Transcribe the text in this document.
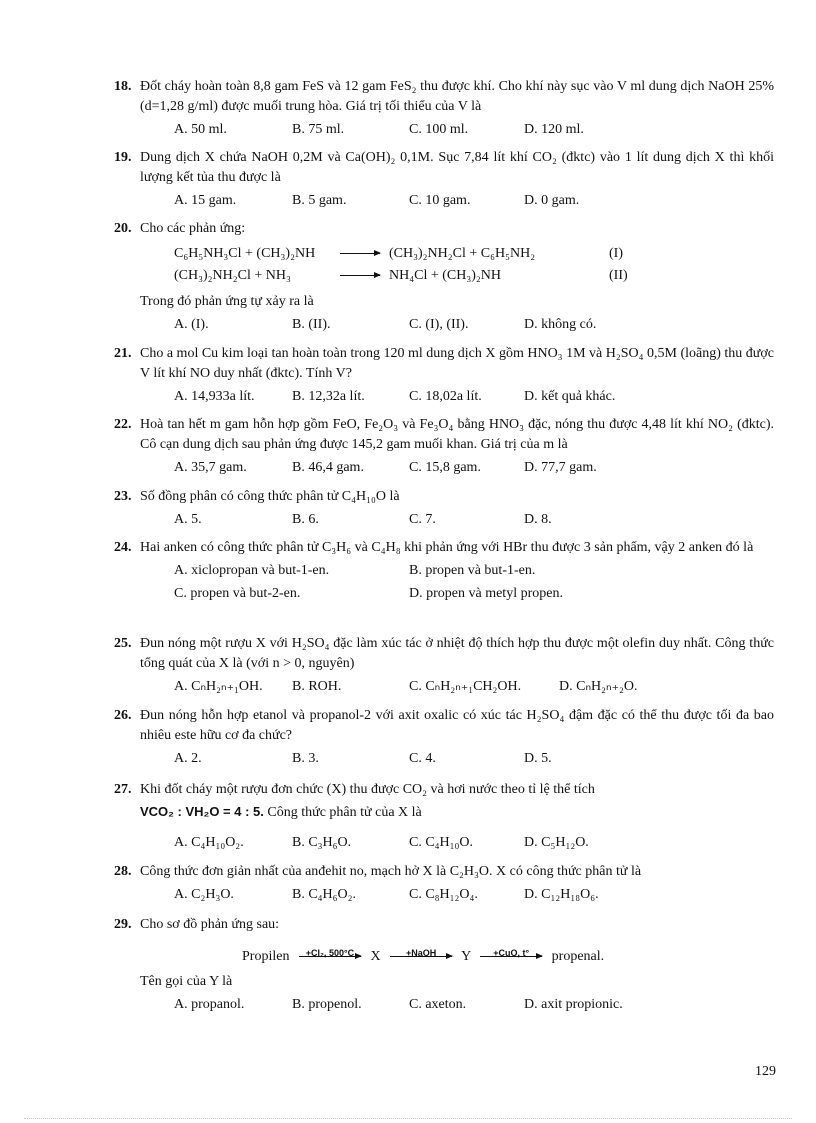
18. Đốt cháy hoàn toàn 8,8 gam FeS và 12 gam FeS₂ thu được khí. Cho khí này sục vào V ml dung dịch NaOH 25% (d=1,28 g/ml) được muối trung hòa. Giá trị tối thiểu của V là
A. 50 ml.	B. 75 ml.	C. 100 ml.	D. 120 ml.
19. Dung dịch X chứa NaOH 0,2M và Ca(OH)₂ 0,1M. Sục 7,84 lít khí CO₂ (đktc) vào 1 lít dung dịch X thì khối lượng kết tủa thu được là
A. 15 gam.	B. 5 gam.	C. 10 gam.	D. 0 gam.
20. Cho các phản ứng:
C₆H₅NH₃Cl + (CH₃)₂NH → (CH₃)₂NH₂Cl + C₆H₅NH₂	(I)
(CH₃)₂NH₂Cl + NH₃	→ NH₄Cl + (CH₃)₂NH	(II)
Trong đó phản ứng tự xảy ra là
A. (I).	B. (II).	C. (I), (II).	D. không có.
21. Cho a mol Cu kim loại tan hoàn toàn trong 120 ml dung dịch X gồm HNO₃ 1M và H₂SO₄ 0,5M (loãng) thu được V lít khí NO duy nhất (đktc). Tính V?
A. 14,933a lít.	B. 12,32a lít.	C. 18,02a lít.	D. kết quả khác.
22. Hoà tan hết m gam hỗn hợp gồm FeO, Fe₂O₃ và Fe₃O₄ bằng HNO₃ đặc, nóng thu được 4,48 lít khí NO₂ (đktc). Cô cạn dung dịch sau phản ứng được 145,2 gam muối khan. Giá trị của m là
A. 35,7 gam.	B. 46,4 gam.	C. 15,8 gam.	D. 77,7 gam.
23. Số đồng phân có công thức phân tử C₄H₁₀O là
A. 5.	B. 6.	C. 7.	D. 8.
24. Hai anken có công thức phân tử C₃H₆ và C₄H₈ khi phản ứng với HBr thu được 3 sản phẩm, vậy 2 anken đó là
A. xiclopropan và but-1-en.	B. propen và but-1-en.
C. propen và but-2-en.	D. propen và metyl propen.
25. Đun nóng một rượu X với H₂SO₄ đặc làm xúc tác ở nhiệt độ thích hợp thu được một olefin duy nhất. Công thức tổng quát của X là (với n > 0, nguyên)
A. CₙH₂ₙ₊₁OH. B. ROH.	C. CₙH₂ₙ₊₁CH₂OH.	D. CₙH₂ₙ₊₂O.
26. Đun nóng hỗn hợp etanol và propanol-2 với axit oxalic có xúc tác H₂SO₄ đậm đặc có thể thu được tối đa bao nhiêu este hữu cơ đa chức?
A. 2.	B. 3.	C. 4.	D. 5.
27. Khi đốt cháy một rượu đơn chức (X) thu được CO₂ và hơi nước theo tỉ lệ thể tích
VCO₂ : VH₂O = 4 : 5. Công thức phân tử của X là
A. C₄H₁₀O₂.	B. C₃H₆O.	C. C₄H₁₀O.	D. C₅H₁₂O.
28. Công thức đơn giản nhất của anđehit no, mạch hở X là C₂H₃O. X có công thức phân tử là
A. C₂H₃O.	B. C₄H₆O₂.	C. C₈H₁₂O₄.	D. C₁₂H₁₈O₆.
29. Cho sơ đồ phản ứng sau:
Propilen	+Cl₂, 500°C	X	+NaOH	Y	+CuO, t°	propenal.
Tên gọi của Y là
A. propanol.	B. propenol.	C. axeton.	D. axit propionic.
129
